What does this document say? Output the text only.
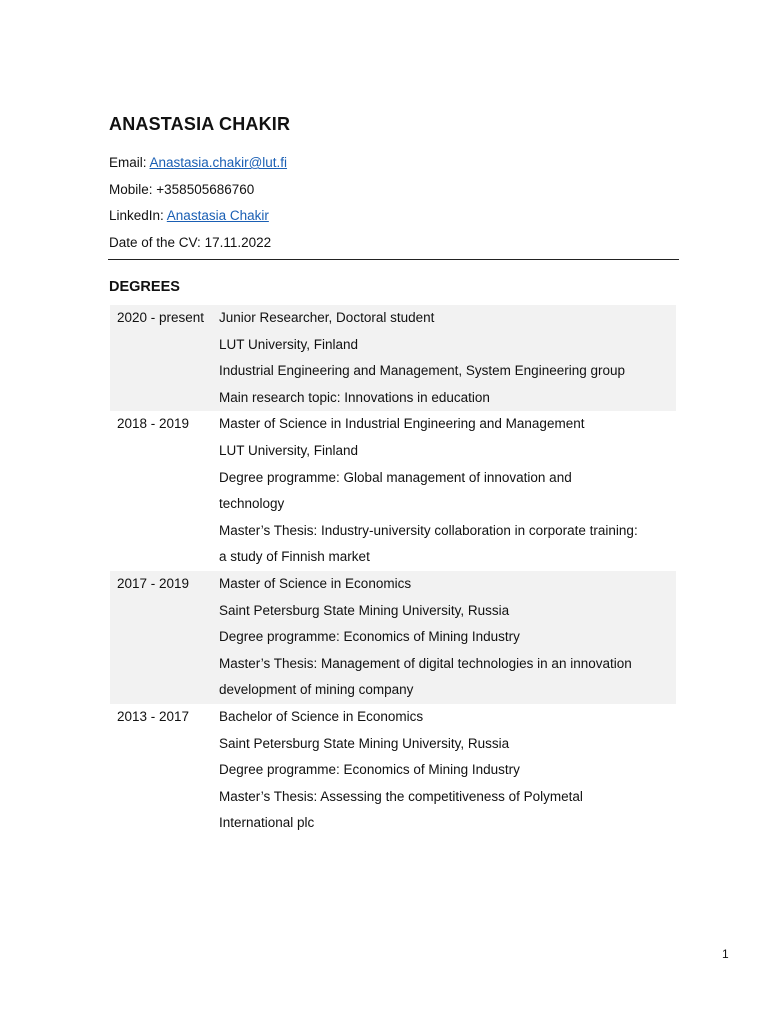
ANASTASIA CHAKIR
Email: Anastasia.chakir@lut.fi
Mobile: +358505686760
LinkedIn: Anastasia Chakir
Date of the CV: 17.11.2022
DEGREES
2020 - present	Junior Researcher, Doctoral student
LUT University, Finland
Industrial Engineering and Management, System Engineering group
Main research topic: Innovations in education
2018 - 2019	Master of Science in Industrial Engineering and Management
LUT University, Finland
Degree programme: Global management of innovation and
technology
Master’s Thesis: Industry-university collaboration in corporate training:
a study of Finnish market
2017 - 2019	Master of Science in Economics
Saint Petersburg State Mining University, Russia
Degree programme: Economics of Mining Industry
Master’s Thesis: Management of digital technologies in an innovation
development of mining company
2013 - 2017	Bachelor of Science in Economics
Saint Petersburg State Mining University, Russia
Degree programme: Economics of Mining Industry
Master’s Thesis: Assessing the competitiveness of Polymetal
International plc
1
